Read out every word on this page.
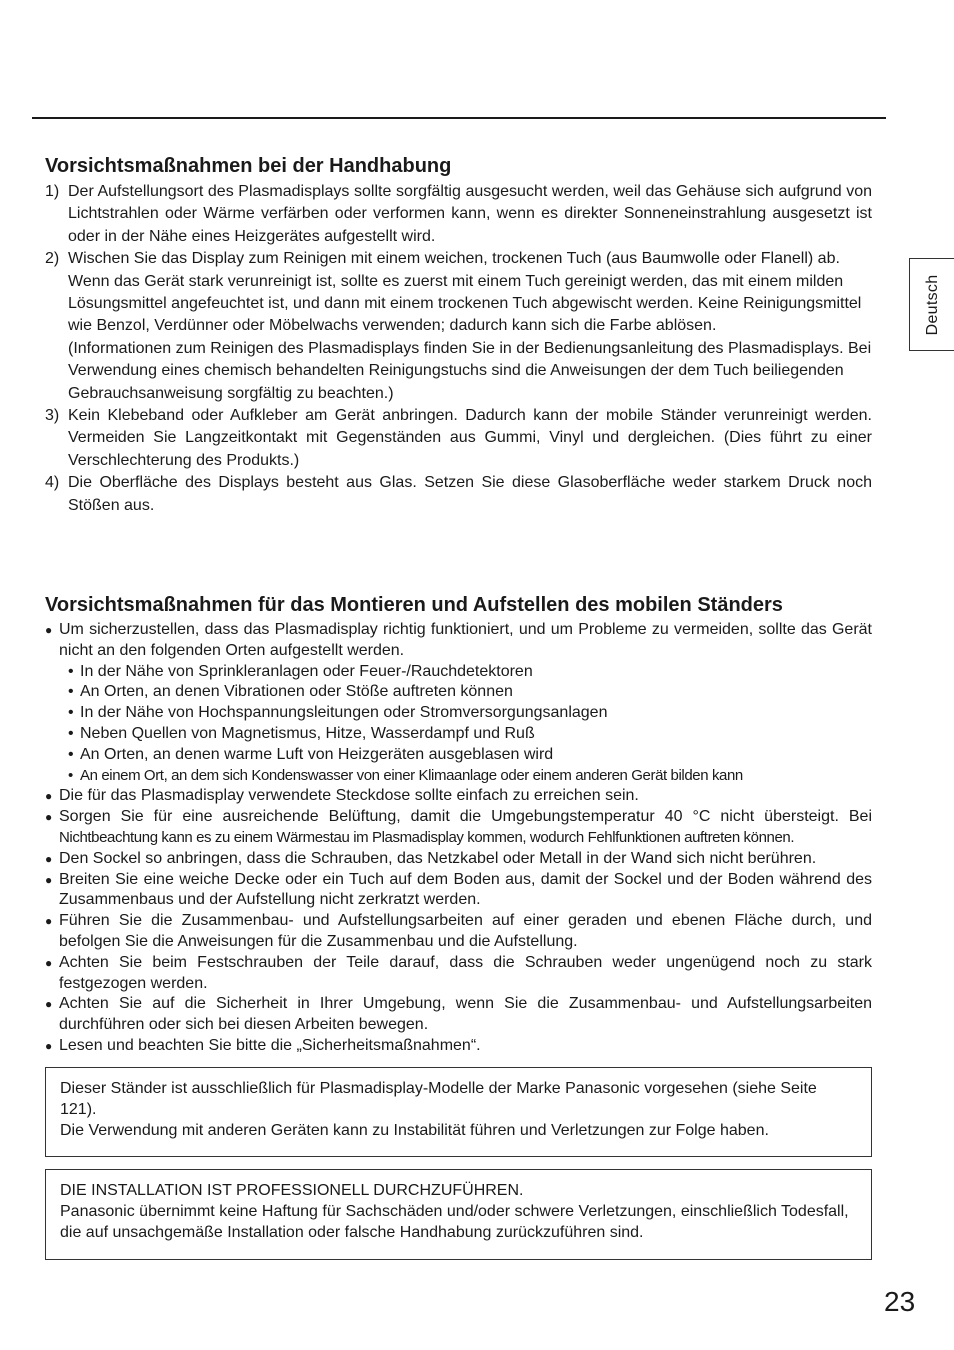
Deutsch
Vorsichtsmaßnahmen bei der Handhabung
1) Der Aufstellungsort des Plasmadisplays sollte sorgfältig ausgesucht werden, weil das Gehäuse sich aufgrund von Lichtstrahlen oder Wärme verfärben oder verformen kann, wenn es direkter Sonneneinstrahlung ausgesetzt ist oder in der Nähe eines Heizgerätes aufgestellt wird.
2) Wischen Sie das Display zum Reinigen mit einem weichen, trockenen Tuch (aus Baumwolle oder Flanell) ab. Wenn das Gerät stark verunreinigt ist, sollte es zuerst mit einem Tuch gereinigt werden, das mit einem milden Lösungsmittel angefeuchtet ist, und dann mit einem trockenen Tuch abgewischt werden. Keine Reinigungsmittel wie Benzol, Verdünner oder Möbelwachs verwenden; dadurch kann sich die Farbe ablösen.
(Informationen zum Reinigen des Plasmadisplays finden Sie in der Bedienungsanleitung des Plasmadisplays. Bei Verwendung eines chemisch behandelten Reinigungstuchs sind die Anweisungen der dem Tuch beiliegenden Gebrauchsanweisung sorgfältig zu beachten.)
3) Kein Klebeband oder Aufkleber am Gerät anbringen. Dadurch kann der mobile Ständer verunreinigt werden. Vermeiden Sie Langzeitkontakt mit Gegenständen aus Gummi, Vinyl und dergleichen. (Dies führt zu einer Verschlechterung des Produkts.)
4) Die Oberfläche des Displays besteht aus Glas. Setzen Sie diese Glasoberfläche weder starkem Druck noch Stößen aus.
Vorsichtsmaßnahmen für das Montieren und Aufstellen des mobilen Ständers
● Um sicherzustellen, dass das Plasmadisplay richtig funktioniert, und um Probleme zu vermeiden, sollte das Gerät nicht an den folgenden Orten aufgestellt werden.
• In der Nähe von Sprinkleranlagen oder Feuer-/Rauchdetektoren
• An Orten, an denen Vibrationen oder Stöße auftreten können
• In der Nähe von Hochspannungsleitungen oder Stromversorgungsanlagen
• Neben Quellen von Magnetismus, Hitze, Wasserdampf und Ruß
• An Orten, an denen warme Luft von Heizgeräten ausgeblasen wird
• An einem Ort, an dem sich Kondenswasser von einer Klimaanlage oder einem anderen Gerät bilden kann
● Die für das Plasmadisplay verwendete Steckdose sollte einfach zu erreichen sein.
● Sorgen Sie für eine ausreichende Belüftung, damit die Umgebungstemperatur 40 °C nicht übersteigt. Bei
Nichtbeachtung kann es zu einem Wärmestau im Plasmadisplay kommen, wodurch Fehlfunktionen auftreten können.
● Den Sockel so anbringen, dass die Schrauben, das Netzkabel oder Metall in der Wand sich nicht berühren.
● Breiten Sie eine weiche Decke oder ein Tuch auf dem Boden aus, damit der Sockel und der Boden während des Zusammenbaus und der Aufstellung nicht zerkratzt werden.
● Führen Sie die Zusammenbau- und Aufstellungsarbeiten auf einer geraden und ebenen Fläche durch, und befolgen Sie die Anweisungen für die Zusammenbau und die Aufstellung.
● Achten Sie beim Festschrauben der Teile darauf, dass die Schrauben weder ungenügend noch zu stark festgezogen werden.
● Achten Sie auf die Sicherheit in Ihrer Umgebung, wenn Sie die Zusammenbau- und Aufstellungsarbeiten durchführen oder sich bei diesen Arbeiten bewegen.
● Lesen und beachten Sie bitte die „Sicherheitsmaßnahmen“.

Dieser Ständer ist ausschließlich für Plasmadisplay-Modelle der Marke Panasonic vorgesehen (siehe Seite 121).

Die Verwendung mit anderen Geräten kann zu Instabilität führen und Verletzungen zur Folge haben.

DIE INSTALLATION IST PROFESSIONELL DURCHZUFÜHREN.

Panasonic übernimmt keine Haftung für Sachschäden und/oder schwere Verletzungen, einschließlich Todesfall, die auf unsachgemäße Installation oder falsche Handhabung zurückzuführen sind.

23
